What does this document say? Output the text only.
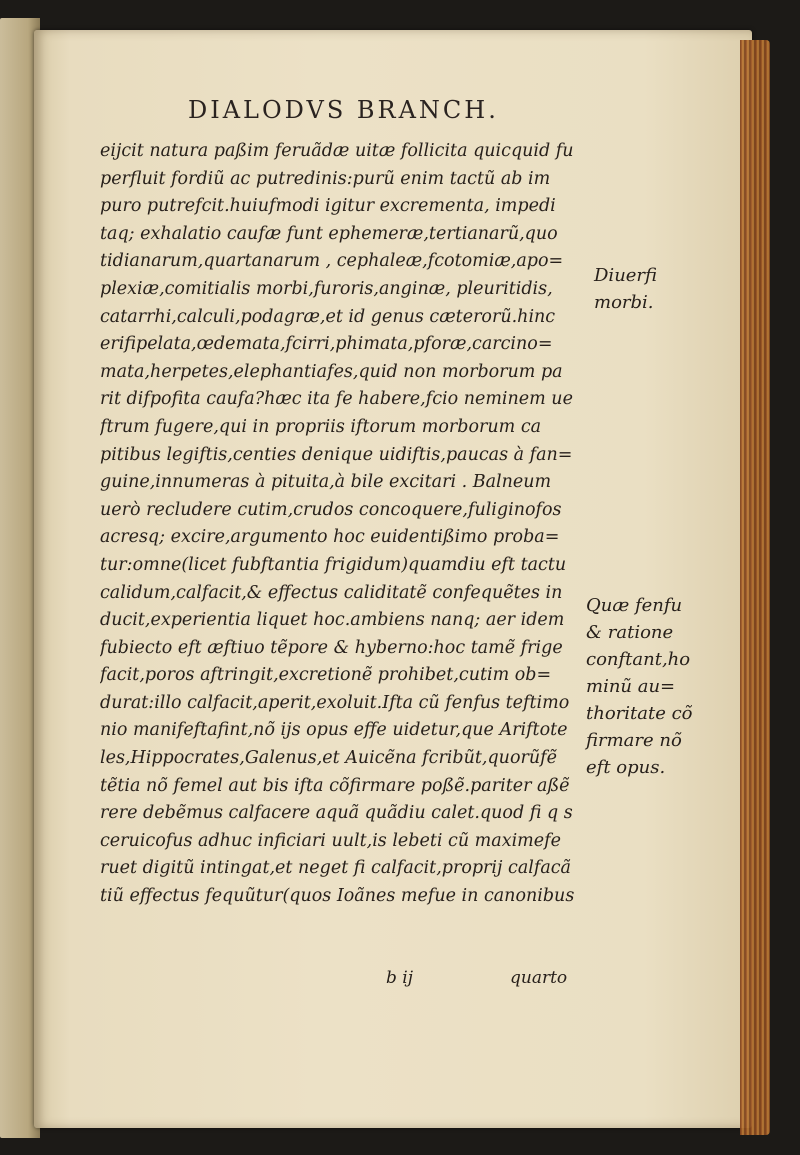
DIALODVS BRANCH.
eijcit natura paßim feruãdæ uitæ follicita quicquid fu
perfluit fordiũ ac putredinis:purũ enim tactũ ab im
puro putrefcit.huiufmodi igitur excrementa, impedi
taq; exhalatio caufæ funt ephemeræ,tertianarũ,quo
tidianarum,quartanarum , cephaleæ,fcotomiæ,apo=
plexiæ,comitialis morbi,furoris,anginæ, pleuritidis,
catarrhi,calculi,podagræ,et id genus cæterorũ.hinc
erifipelata,œdemata,fcirri,phimata,pforæ,carcino=
mata,herpetes,elephantiafes,quid non morborum pa
rit difpofita caufa?hæc ita fe habere,fcio neminem ue
ftrum fugere,qui in propriis iftorum morborum ca
pitibus legiftis,centies denique uidiftis,paucas à fan=
guine,innumeras à pituita,à bile excitari . Balneum
uerò recludere cutim,crudos concoquere,fuliginofos
acresq; excire,argumento hoc euidentißimo proba=
tur:omne(licet fubftantia frigidum)quamdiu eft tactu
calidum,calfacit,& effectus caliditatẽ confequẽtes in
ducit,experientia liquet hoc.ambiens nanq; aer idem
fubiecto eft æftiuo tẽpore & hyberno:hoc tamẽ frige
facit,poros aftringit,excretionẽ prohibet,cutim ob=
durat:illo calfacit,aperit,exoluit.Ifta cũ fenfus teftimo
nio manifeftafint,nõ ijs opus effe uidetur,que Ariftote
les,Hippocrates,Galenus,et Auicẽna fcribũt,quorũfẽ
tẽtia nõ femel aut bis ifta cõfirmare poßẽ.pariter aßẽ
rere debẽmus calfacere aquã quãdiu calet.quod fi q s
ceruicofus adhuc inficiari uult,is lebeti cũ maximefe
ruet digitũ intingat,et neget fi calfacit,proprij calfacã
tiũ effectus fequũtur(quos Ioãnes mefue in canonibus
Diuerfi
morbi.
Quæ fenfu
& ratione
conftant,ho
minũ au=
thoritate cõ
firmare nõ
eft opus.
b ij	quarto
